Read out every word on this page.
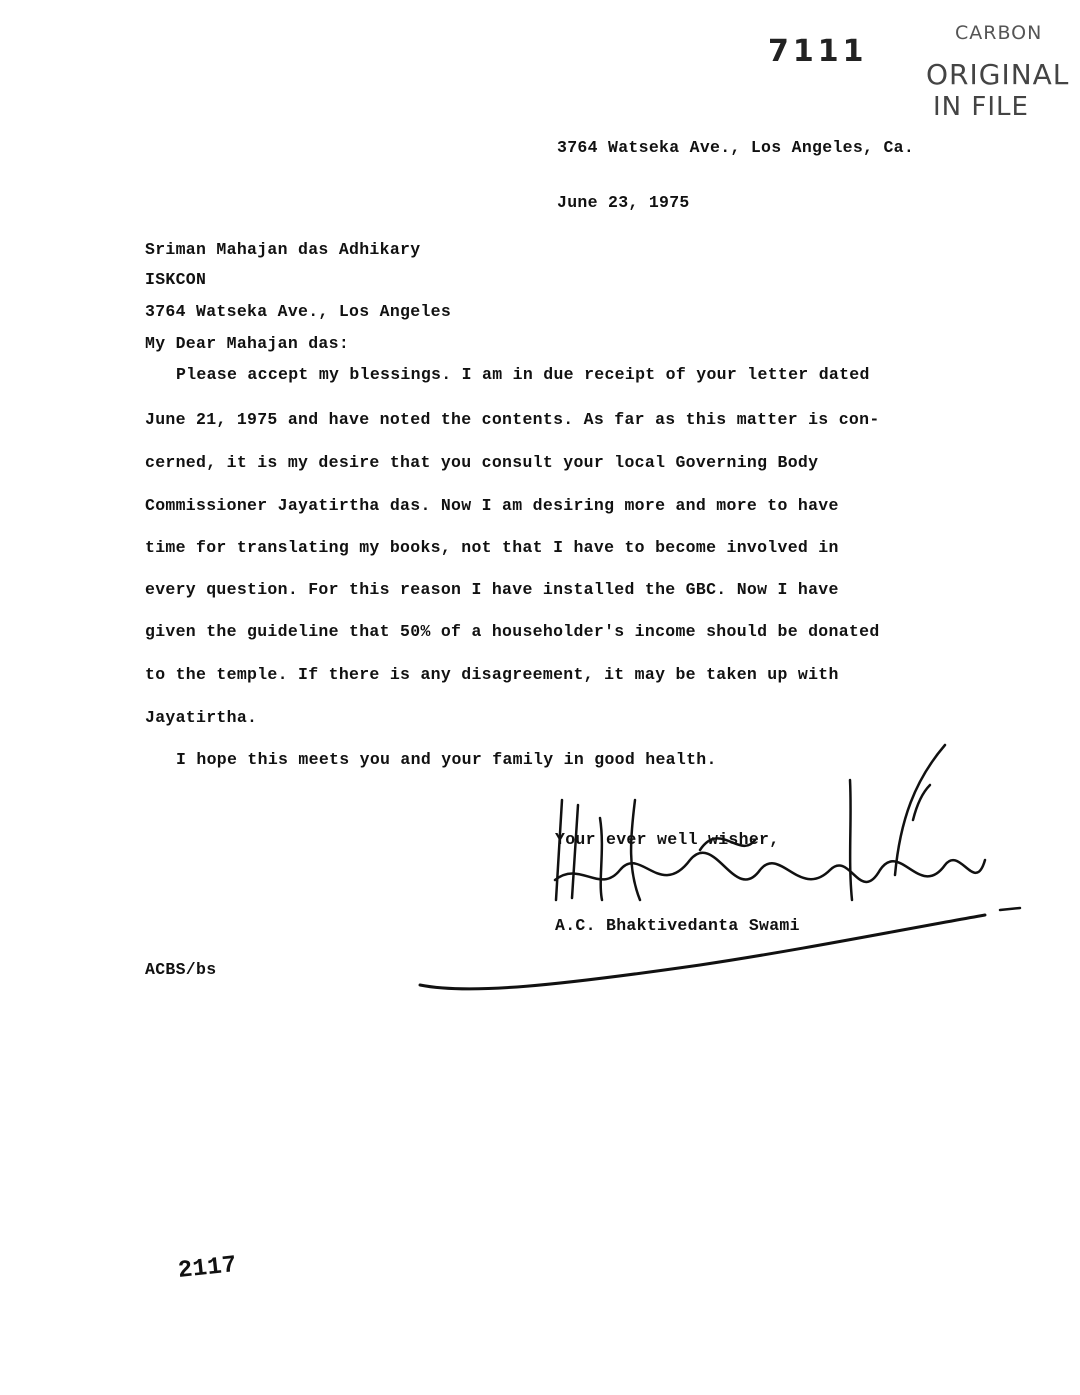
7111
CARBON
ORIGINAL
IN FILE
3764 Watseka Ave., Los Angeles, Ca.
June 23, 1975
Sriman Mahajan das Adhikary
ISKCON
3764 Watseka Ave., Los Angeles
My Dear Mahajan das:
Please accept my blessings. I am in due receipt of your letter dated
June 21, 1975 and have noted the contents. As far as this matter is con-
cerned, it is my desire that you consult your local Governing Body
Commissioner Jayatirtha das. Now I am desiring more and more to have
time for translating my books, not that I have to become involved in
every question. For this reason I have installed the GBC. Now I have
given the guideline that 50% of a householder's income should be donated
to the temple. If there is any disagreement, it may be taken up with
Jayatirtha.
I hope this meets you and your family in good health.
Your ever well wisher,
A.C. Bhaktivedanta Swami
ACBS/bs
2117
